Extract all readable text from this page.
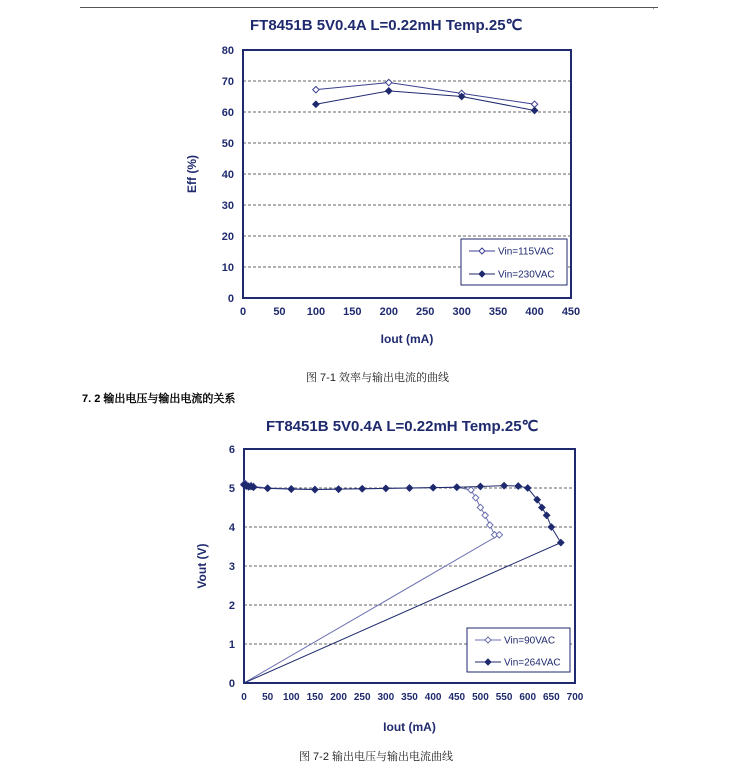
,
FT8451B 5V0.4A L=0.22mH Temp.25℃
0
10
20
30
40
50
60
70
80
0 50 100 150 200 250 300 350 400 450
Iout (mA)
Eff (%)
Vin=115VAC
Vin=230VAC
图 7-1 效率与输出电流的曲线
7. 2 输出电压与输出电流的关系
FT8451B 5V0.4A L=0.22mH Temp.25℃
0
1
2
3
4
5
6
0 50 100 150 200 250 300 350 400 450 500 550 600 650 700
Iout (mA)
Vout (V)
Vin=90VAC
Vin=264VAC
图 7-2 输出电压与输出电流曲线
